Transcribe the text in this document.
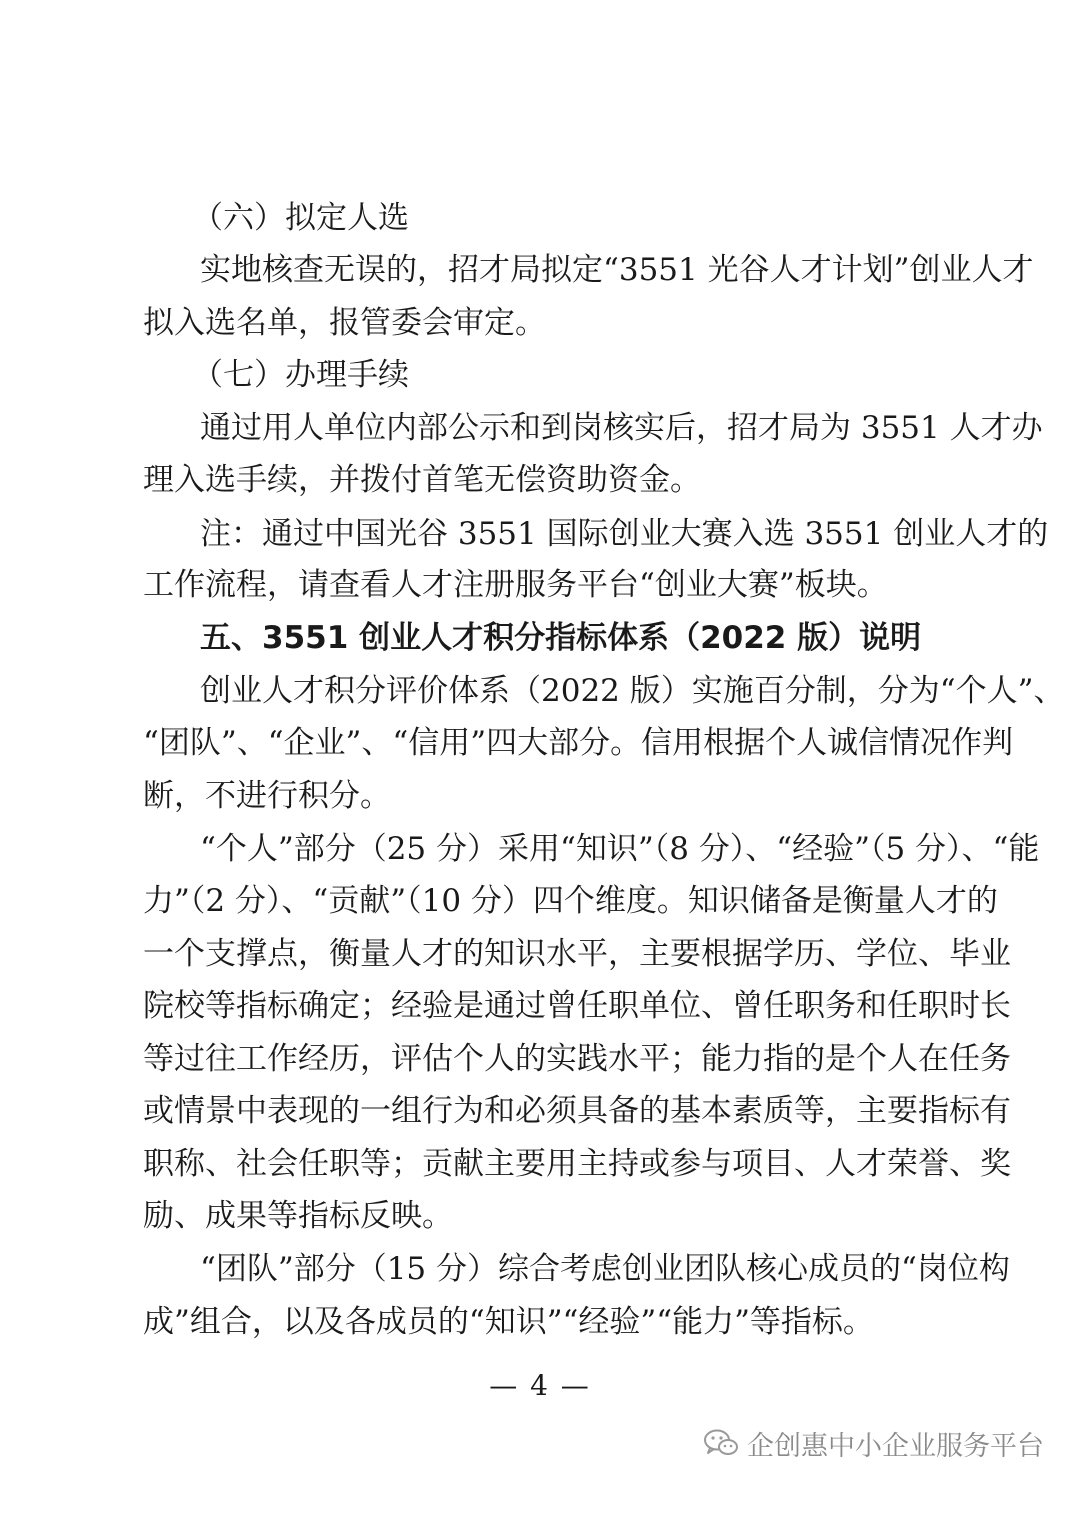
（六）拟定人选
实地核查无误的，招才局拟定“3551 光谷人才计划”创业人才
拟入选名单，报管委会审定。
（七）办理手续
通过用人单位内部公示和到岗核实后，招才局为 3551 人才办
理入选手续，并拨付首笔无偿资助资金。
注：通过中国光谷 3551 国际创业大赛入选 3551 创业人才的
工作流程，请查看人才注册服务平台“创业大赛”板块。
五、3551 创业人才积分指标体系（2022 版）说明
创业人才积分评价体系（2022 版）实施百分制，分为“个人”、
“团队”、“企业”、“信用”四大部分。信用根据个人诚信情况作判
断，不进行积分。
“个人”部分（25 分）采用“知识”（8 分）、“经验”（5 分）、“能
力”（2 分）、“贡献”（10 分）四个维度。知识储备是衡量人才的
一个支撑点，衡量人才的知识水平，主要根据学历、学位、毕业
院校等指标确定；经验是通过曾任职单位、曾任职务和任职时长
等过往工作经历，评估个人的实践水平；能力指的是个人在任务
或情景中表现的一组行为和必须具备的基本素质等，主要指标有
职称、社会任职等；贡献主要用主持或参与项目、人才荣誉、奖
励、成果等指标反映。
“团队”部分（15 分）综合考虑创业团队核心成员的“岗位构
成”组合，以及各成员的“知识”“经验”“能力”等指标。
— 4 —
企创惠中小企业服务平台
